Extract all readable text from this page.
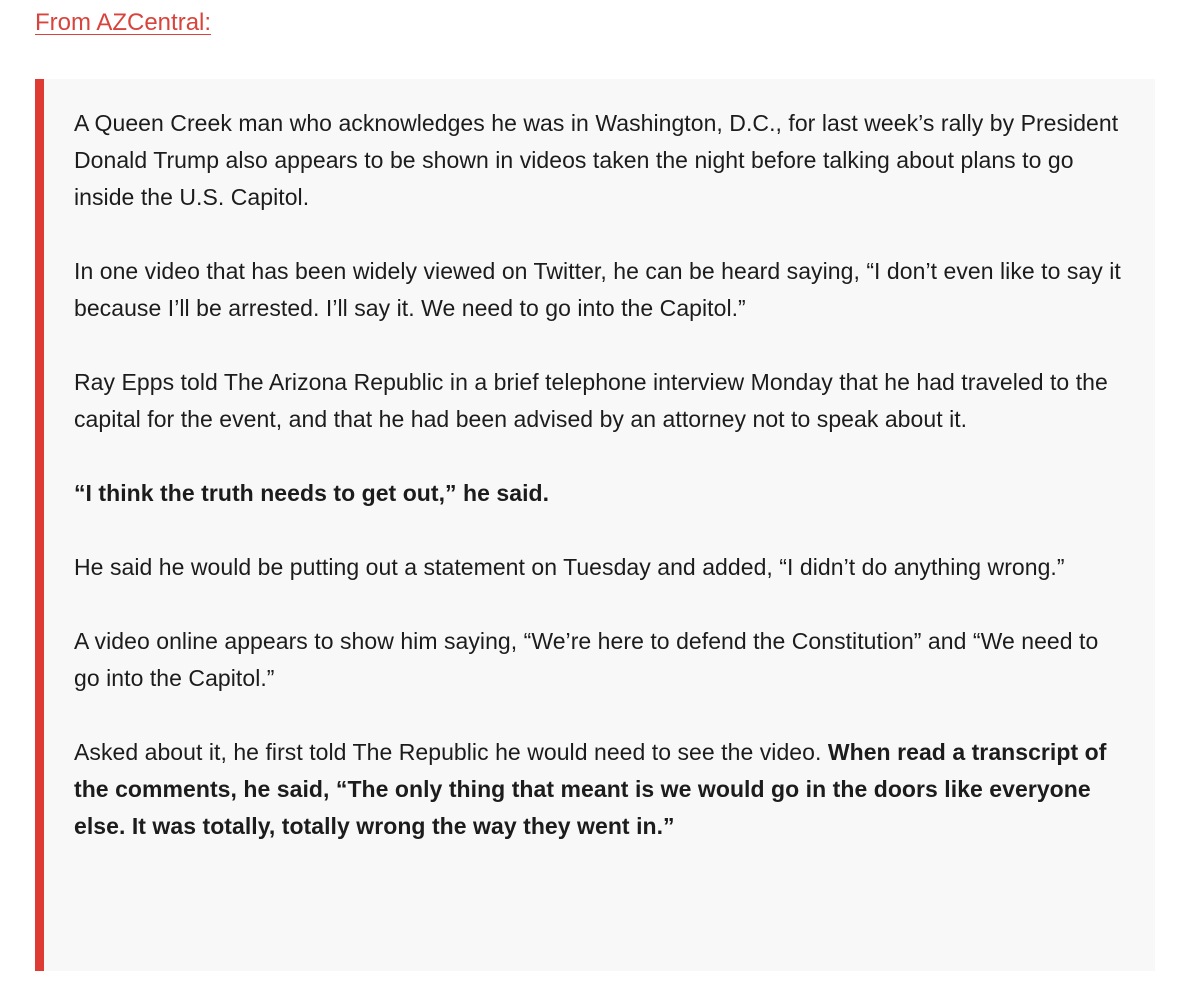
From AZCentral:

A Queen Creek man who acknowledges he was in Washington, D.C., for last week’s rally by President Donald Trump also appears to be shown in videos taken the night before talking about plans to go inside the U.S. Capitol.

In one video that has been widely viewed on Twitter, he can be heard saying, “I don’t even like to say it because I’ll be arrested. I’ll say it. We need to go into the Capitol.”

Ray Epps told The Arizona Republic in a brief telephone interview Monday that he had traveled to the capital for the event, and that he had been advised by an attorney not to speak about it.

“I think the truth needs to get out,” he said.

He said he would be putting out a statement on Tuesday and added, “I didn’t do anything wrong.”

A video online appears to show him saying, “We’re here to defend the Constitution” and “We need to go into the Capitol.”

Asked about it, he first told The Republic he would need to see the video. When read a transcript of the comments, he said, “The only thing that meant is we would go in the doors like everyone else. It was totally, totally wrong the way they went in.”
